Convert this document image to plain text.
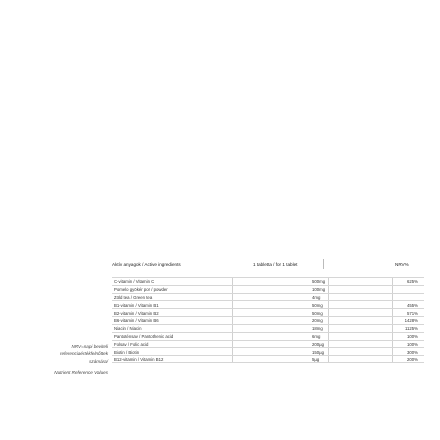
NRV=napi beviteli
referenciaértékfelnőttek
számára/
Nutrient Reference Values
Aktív anyagok / Active ingredients	1 tabletta / for 1 tablet	NRV%
C-vitamin / Vitamin C	500mg	625%
Pomelo gyökér por / powder	100mg
Zöld tea / Green tea	4mg
B1-vitamin / Vitamin B1	50mg	455%
B2-vitamin / Vitamin B2	50mg	571%
B6-vitamin / Vitamin B6	20mg	1428%
Niacin / Niacin	18mg	1125%
Pantoténsav / Pantothenic acid	6mg	100%
Folsav / Folic acid	200µg	100%
Biotin / Biotin	150µg	300%
B12-vitamin / Vitamin B12	5µg	200%
